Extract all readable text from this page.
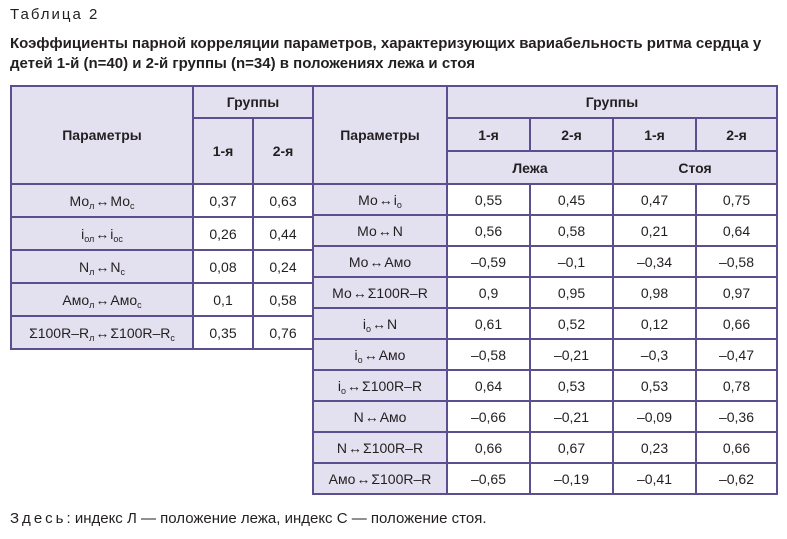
Таблица 2
Коэффициенты парной корреляции параметров, характеризующих вариабельность ритма сердца у детей 1-й (n=40) и 2-й группы (n=34) в положениях лежа и стоя
Параметры	Группы	
	1-я	2-я
$Мо_л\leftrightarrow Мо_с$	0,37	0,63
$i_{ол}\leftrightarrow i_{ос}$	0,26	0,44
$N_л\leftrightarrow N_с$	0,08	0,24
Амо$_л$↔Амо$_с$	0,1	0,58
$\Sigma 100R-R_л\leftrightarrow\Sigma 100R-R_с$	0,35	0,76
Параметры	Группы			
	1-я	2-я	1-я	2-я
	Лежа		Стоя	
$Мо\leftrightarrow i_о$	0,55	0,45	0,47	0,75
Мо↔N	0,56	0,58	0,21	0,64
Мо↔Амо	–0,59	–0,1	–0,34	–0,58
Мо↔Σ100R–R	0,9	0,95	0,98	0,97
$i_о\leftrightarrow N$	0,61	0,52	0,12	0,66
$i_о\leftrightarrow Амо$	–0,58	–0,21	–0,3	–0,47
$i_о\leftrightarrow\Sigma 100R-R$	0,64	0,53	0,53	0,78
N↔Амо	–0,66	–0,21	–0,09	–0,36
N↔Σ100R–R	0,66	0,67	0,23	0,66
Амо↔Σ100R–R	–0,65	–0,19	–0,41	–0,62
Здесь: индекс Л — положение лежа, индекс С — положение стоя.
